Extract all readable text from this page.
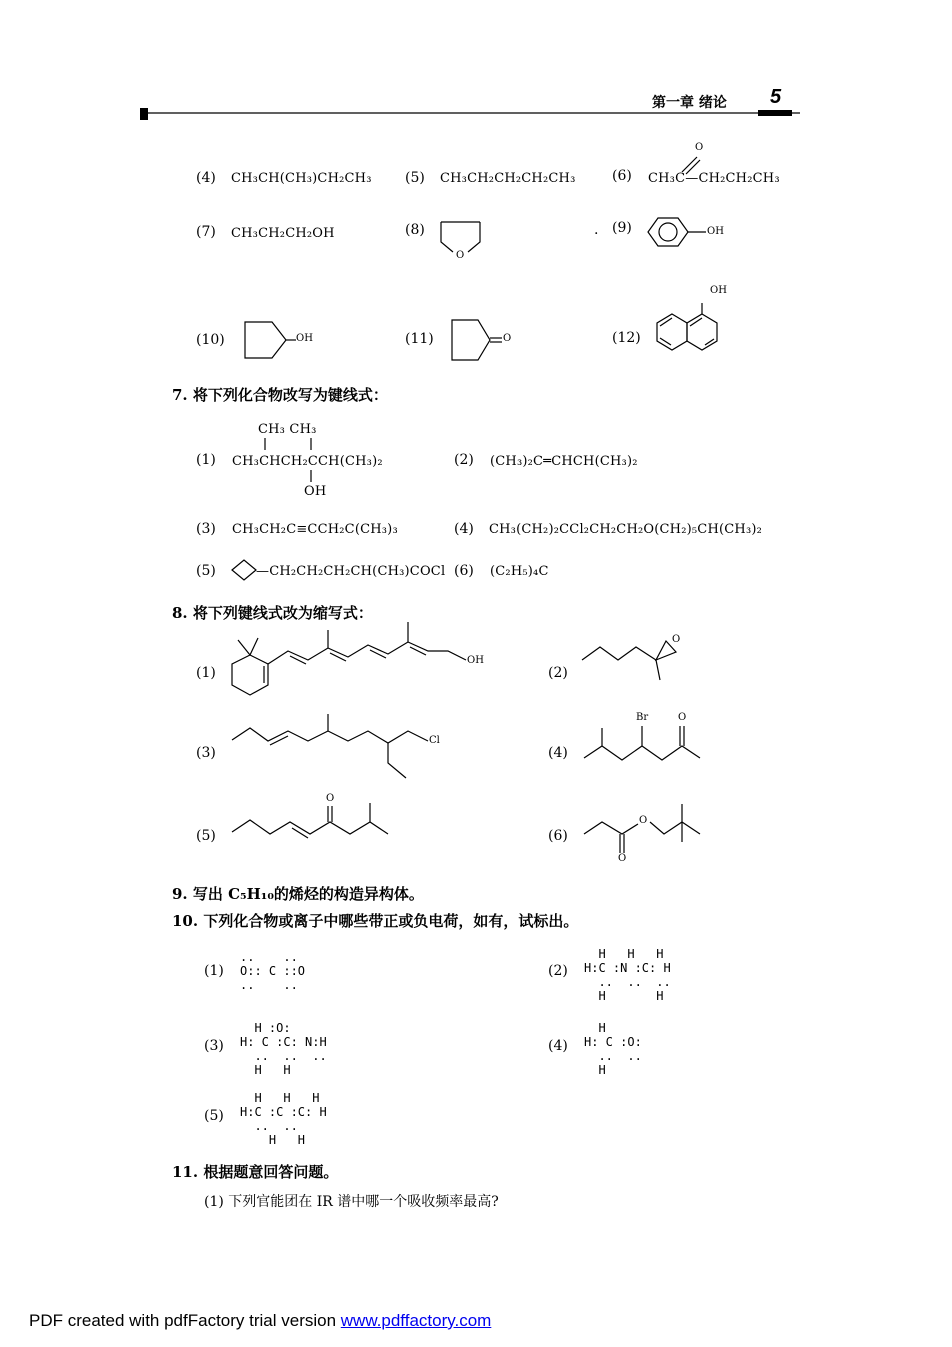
第一章 绪论 5
(4) CH₃CH(CH₃)CH₂CH₃ (5) CH₃CH₂CH₂CH₂CH₃	(6) CH₃C—CH₂CH₂CH₃
O
(7) CH₃CH₂CH₂OH	(8)
O
. (9)	OH
(10)	OH	(11)	O	(12)
OH
7. 将下列化合物改写为键线式：
CH₃ CH₃
(1) CH₃CHCH₂CCH(CH₃)₂
OH
(2) (CH₃)₂C═CHCH(CH₃)₂
(3) CH₃CH₂C≡CCH₂C(CH₃)₃	(4) CH₃(CH₂)₂CCl₂CH₂CH₂O(CH₂)₅CH(CH₃)₂
(5)	—CH₂CH₂CH₂CH(CH₃)COCl (6) (C₂H₅)₄C
8. 将下列键线式改为缩写式：
(1)
OH
(2)
O
(3)
Cl
(4)
Br	O
(5)
O
(6)
O
O
9. 写出 C₅H₁₀的烯烃的构造异构体。
10. 下列化合物或离子中哪些带正或负电荷，如有，试标出。
(1)
..    ..
O:: C ::O
..    ..
(2)
H   H   H
H:C :N :C: H
..  ..  ..
H       H
(3)
H :O:
H: C :C: N:H
..  ..  ..
H   H
(4)
H
H: C :O:
..  ..
H
(5)
H   H   H
H:C :C :C: H
..  ..
H   H
11. 根据题意回答问题。
(1) 下列官能团在 IR 谱中哪一个吸收频率最高?
PDF created with pdfFactory trial version www.pdffactory.com
